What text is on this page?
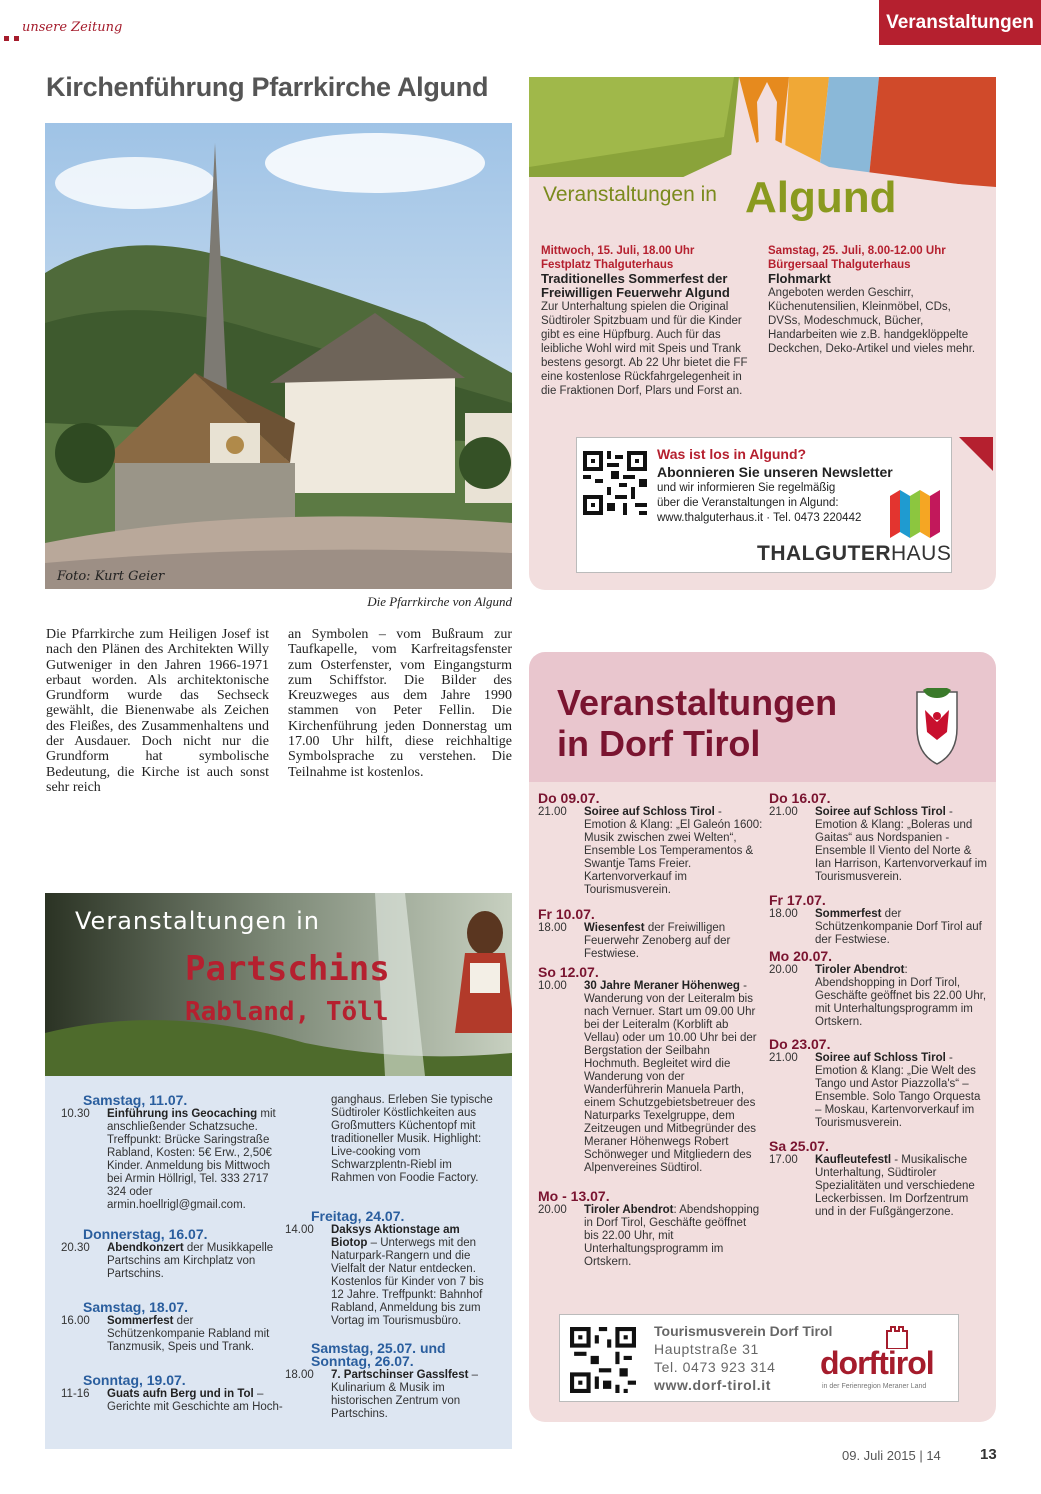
unsere Zeitung	Veranstaltungen
Kirchenführung Pfarrkirche Algund
Foto: Kurt Geier
Die Pfarrkirche von Algund
Die Pfarrkirche zum Heiligen Josef ist nach den Plänen des Architekten Willy Gutweniger in den Jahren 1966-1971 erbaut worden. Als architektonische Grundform wurde das Sechseck gewählt, die Bienenwabe als Zeichen des Fleißes, des Zusammenhaltens und der Ausdauer. Doch nicht nur die Grundform hat symbolische Bedeutung, die Kirche ist auch sonst sehr reich
an Symbolen – vom Bußraum zur Taufkapelle, vom Karfreitagsfenster zum Osterfenster, vom Eingangsturm zum Schiffstor. Die Bilder des Kreuzweges aus dem Jahre 1990 stammen von Peter Fellin. Die Kirchenführung jeden Donnerstag um 17.00 Uhr hilft, diese reichhaltige Symbolsprache zu verstehen. Die Teilnahme ist kostenlos.
Veranstaltungen in Algund
Mittwoch, 15. Juli, 18.00 Uhr
Festplatz Thalguterhaus
Traditionelles Sommerfest der Freiwilligen Feuerwehr Algund
Zur Unterhaltung spielen die Original Südtiroler Spitzbuam und für die Kinder gibt es eine Hüpfburg. Auch für das leibliche Wohl wird mit Speis und Trank bestens gesorgt. Ab 22 Uhr bietet die FF eine kostenlose Rückfahrgelegenheit in die Fraktionen Dorf, Plars und Forst an.
Samstag, 25. Juli, 8.00-12.00 Uhr
Bürgersaal Thalguterhaus
Flohmarkt
Angeboten werden Geschirr, Küchenutensilien, Kleinmöbel, CDs, DVSs, Modeschmuck, Bücher, Handarbeiten wie z.B. handgeklöppelte Deckchen, Deko-Artikel und vieles mehr.
Was ist los in Algund?
Abonnieren Sie unseren Newsletter
und wir informieren Sie regelmäßig
über die Veranstaltungen in Algund:
www.thalguterhaus.it · Tel. 0473 220442
THALGUTERHAUS
Veranstaltungen in
Partschins
Rabland, Töll
Samstag, 11.07.
10.30	Einführung ins Geocaching mit anschließender Schatzsuche. Treffpunkt: Brücke Saringstraße Rabland, Kosten: 5€ Erw., 2,50€ Kinder. Anmeldung bis Mittwoch bei Armin Höllrigl, Tel. 333 2717 324 oder armin.hoellrigl@gmail.com.
Donnerstag, 16.07.
20.30	Abendkonzert der Musikkapelle Partschins am Kirchplatz von Partschins.
Samstag, 18.07.
16.00	Sommerfest der Schützenkompanie Rabland mit Tanzmusik, Speis und Trank.
Sonntag, 19.07.
11-16	Guats aufn Berg und in Tol – Gerichte mit Geschichte am Hoch-
ganghaus. Erleben Sie typische Südtiroler Köstlichkeiten aus Großmutters Küchentopf mit traditioneller Musik. Highlight: Live-cooking vom Schwarzplentn-Riebl im Rahmen von Foodie Factory.
Freitag, 24.07.
14.00	Daksys Aktionstage am Biotop – Unterwegs mit den Naturpark-Rangern und die Vielfalt der Natur entdecken. Kostenlos für Kinder von 7 bis 12 Jahre. Treffpunkt: Bahnhof Rabland, Anmeldung bis zum Vortag im Tourismusbüro.
Samstag, 25.07. und Sonntag, 26.07.
18.00	7. Partschinser Gasslfest – Kulinarium & Musik im historischen Zentrum von Partschins.
Veranstaltungen
in Dorf Tirol
Do 09.07.
21.00	Soiree auf Schloss Tirol - Emotion & Klang: „El Galeón 1600: Musik zwischen zwei Welten“, Ensemble Los Temperamentos & Swantje Tams Freier. Kartenvorverkauf im Tourismusverein.
Fr 10.07.
18.00	Wiesenfest der Freiwilligen Feuerwehr Zenoberg auf der Festwiese.
So 12.07.
10.00	30 Jahre Meraner Höhenweg - Wanderung von der Leiteralm bis nach Vernuer. Start um 09.00 Uhr bei der Leiteralm (Korblift ab Vellau) oder um 10.00 Uhr bei der Bergstation der Seilbahn Hochmuth. Begleitet wird die Wanderung von der Wanderführerin Manuela Parth, einem Schutzgebietsbetreuer des Naturparks Texelgruppe, dem Zeitzeugen und Mitbegründer des Meraner Höhenwegs Robert Schönweger und Mitgliedern des Alpenvereines Südtirol.
Mo - 13.07.
20.00	Tiroler Abendrot: Abendshopping in Dorf Tirol, Geschäfte geöffnet bis 22.00 Uhr, mit Unterhaltungsprogramm im Ortskern.
Do 16.07.
21.00	Soiree auf Schloss Tirol - Emotion & Klang: „Boleras und Gaitas“ aus Nordspanien - Ensemble Il Viento del Norte & Ian Harrison, Kartenvorverkauf im Tourismusverein.
Fr 17.07.
18.00	Sommerfest der Schützenkompanie Dorf Tirol auf der Festwiese.
Mo 20.07.
20.00	Tiroler Abendrot: Abendshopping in Dorf Tirol, Geschäfte geöffnet bis 22.00 Uhr, mit Unterhaltungsprogramm im Ortskern.
Do 23.07.
21.00	Soiree auf Schloss Tirol - Emotion & Klang: „Die Welt des Tango und Astor Piazzolla's“ – Ensemble. Solo Tango Orquesta – Moskau, Kartenvorverkauf im Tourismusverein.
Sa 25.07.
17.00	Kaufleutefestl - Musikalische Unterhaltung, Südtiroler Spezialitäten und verschiedene Leckerbissen. Im Dorfzentrum und in der Fußgängerzone.
Tourismusverein Dorf Tirol
Hauptstraße 31
Tel. 0473 923 314
www.dorf-tirol.it
dorftirol
in der Ferienregion Meraner Land
09. Juli 2015 | 14	13
